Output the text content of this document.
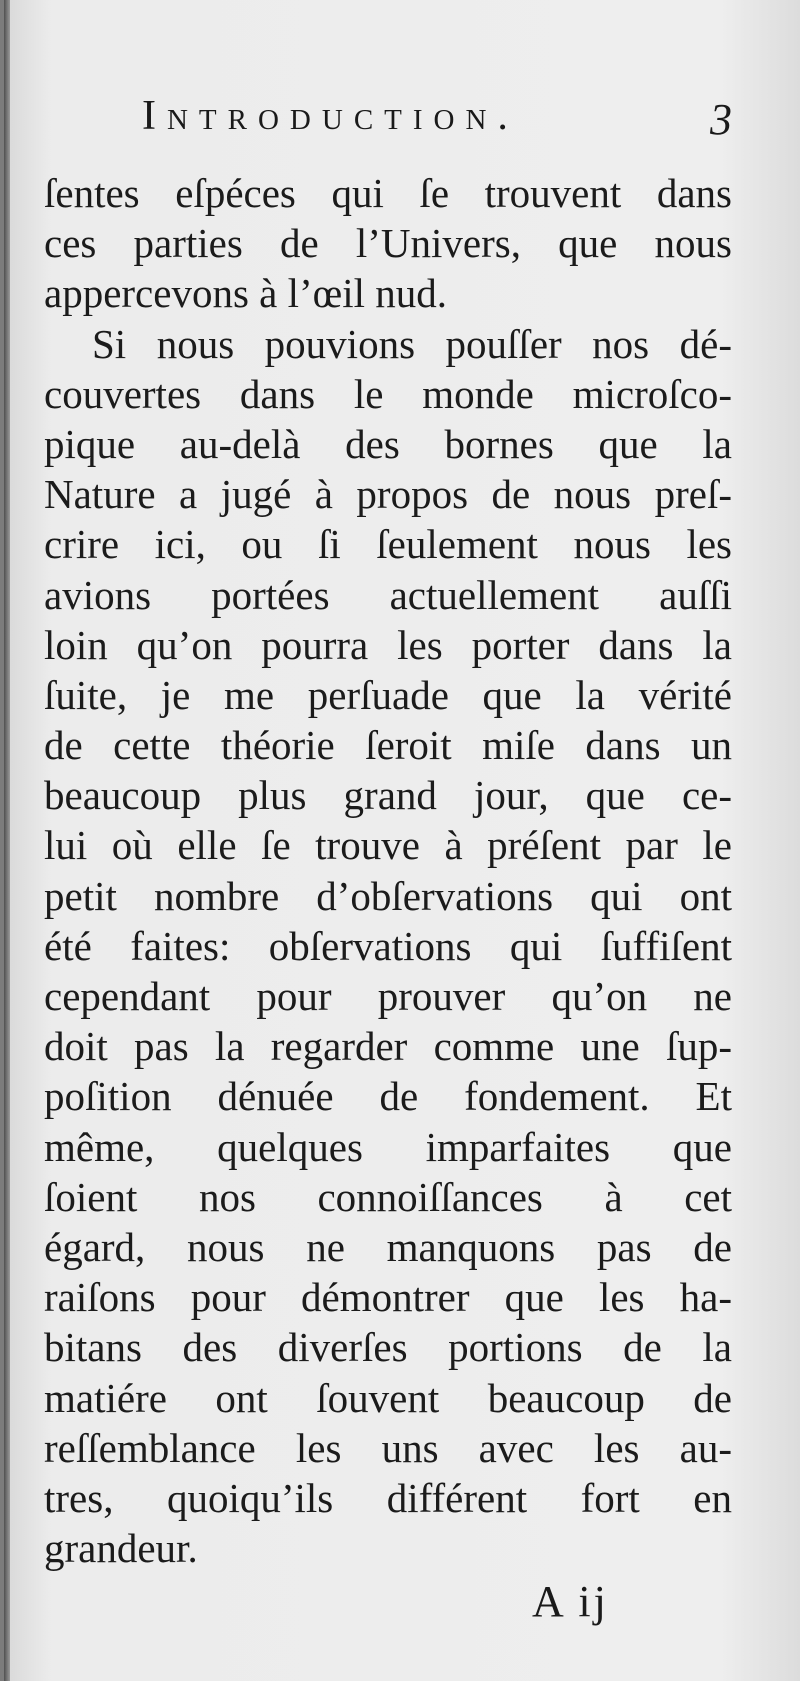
Introduction.	3
ſentes eſpéces qui ſe trouvent dans
ces parties de l’Univers, que nous
appercevons à l’œil nud.
Si nous pouvions pouſſer nos dé-
couvertes dans le monde microſco-
pique au-delà des bornes que la
Nature a jugé à propos de nous preſ-
crire ici, ou ſi ſeulement nous les
avions portées actuellement auſſi
loin qu’on pourra les porter dans la
ſuite, je me perſuade que la vérité
de cette théorie ſeroit miſe dans un
beaucoup plus grand jour, que ce-
lui où elle ſe trouve à préſent par le
petit nombre d’obſervations qui ont
été faites: obſervations qui ſuffiſent
cependant pour prouver qu’on ne
doit pas la regarder comme une ſup-
poſition dénuée de fondement. Et
même, quelques imparfaites que
ſoient nos connoiſſances à cet
égard, nous ne manquons pas de
raiſons pour démontrer que les ha-
bitans des diverſes portions de la
matiére ont ſouvent beaucoup de
reſſemblance les uns avec les au-
tres, quoiqu’ils différent fort en
grandeur.
A ij
